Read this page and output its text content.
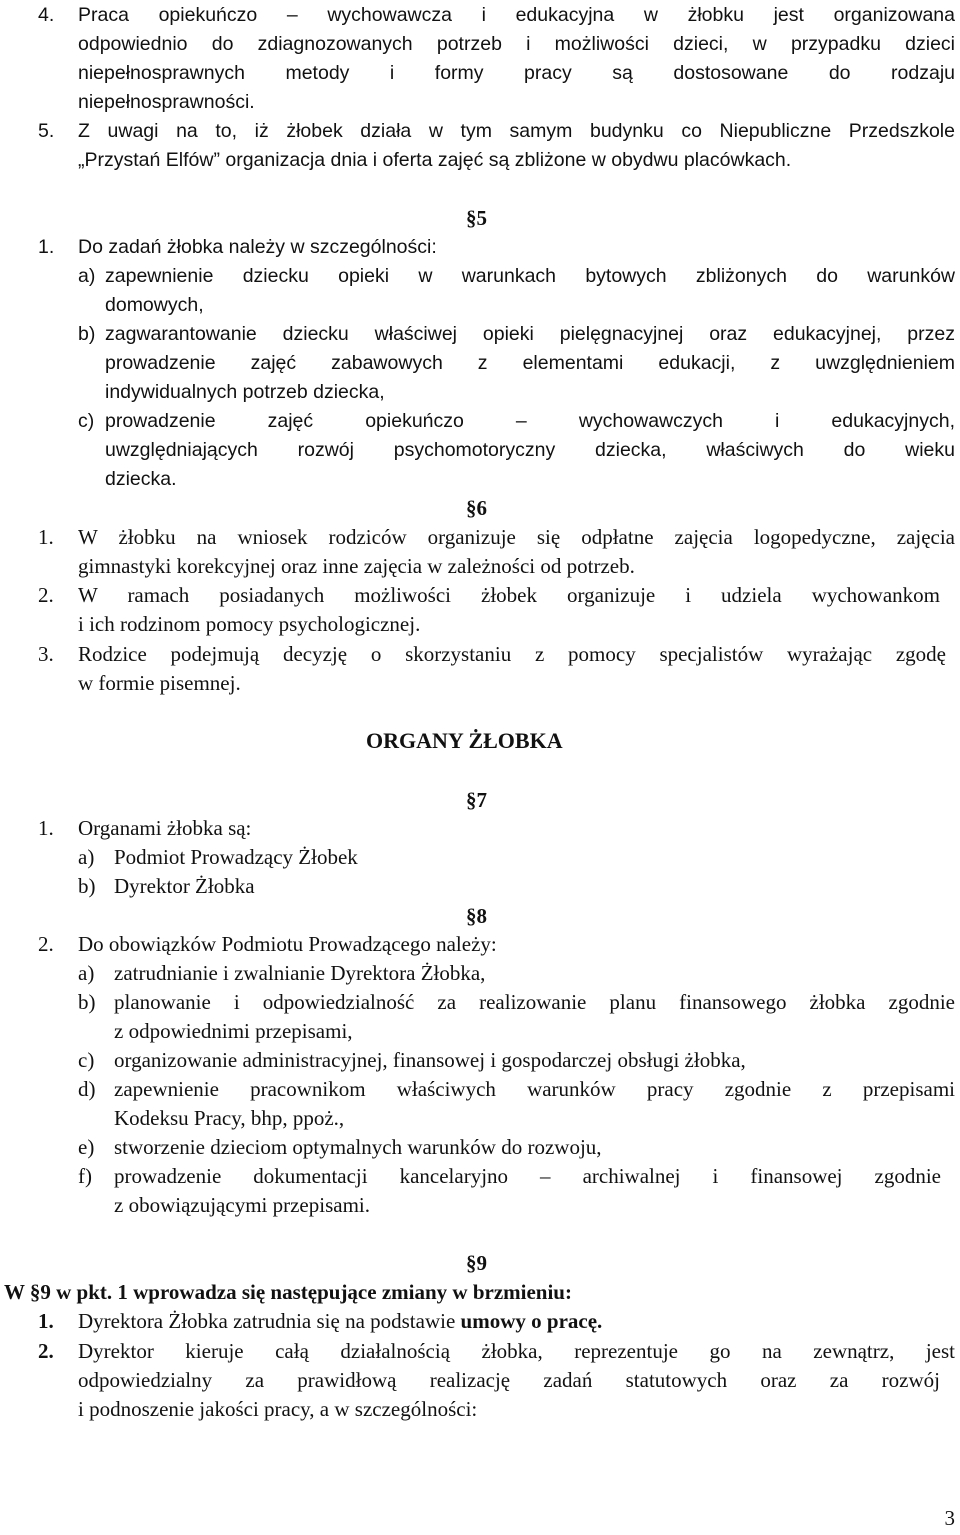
4. Praca opiekuńczo – wychowawcza i edukacyjna w żłobku jest organizowana
odpowiednio do zdiagnozowanych potrzeb i możliwości dzieci, w przypadku dzieci
niepełnosprawnych metody i formy pracy są dostosowane do rodzaju
niepełnosprawności.
5. Z uwagi na to, iż żłobek działa w tym samym budynku co Niepubliczne Przedszkole
„Przystań Elfów” organizacja dnia i oferta zajęć są zbliżone w obydwu placówkach.
§5
1. Do zadań żłobka należy w szczególności:
a) zapewnienie dziecku opieki w warunkach bytowych zbliżonych do warunków
domowych,
b) zagwarantowanie dziecku właściwej opieki pielęgnacyjnej oraz edukacyjnej, przez
prowadzenie zajęć zabawowych z elementami edukacji, z uwzględnieniem
indywidualnych potrzeb dziecka,
c) prowadzenie zajęć opiekuńczo – wychowawczych i edukacyjnych,
uwzględniających rozwój psychomotoryczny dziecka, właściwych do wieku
dziecka.
§6
1. W żłobku na wniosek rodziców organizuje się odpłatne zajęcia logopedyczne, zajęcia
gimnastyki korekcyjnej oraz inne zajęcia w zależności od potrzeb.
2. W ramach posiadanych możliwości żłobek organizuje i udziela wychowankom
i ich rodzinom pomocy psychologicznej.
3. Rodzice podejmują decyzję o skorzystaniu z pomocy specjalistów wyrażając zgodę
w formie pisemnej.
ORGANY ŻŁOBKA
§7
1. Organami żłobka są:
a) Podmiot Prowadzący Żłobek
b) Dyrektor Żłobka
§8
2. Do obowiązków Podmiotu Prowadzącego należy:
a) zatrudnianie i zwalnianie Dyrektora Żłobka,
b) planowanie i odpowiedzialność za realizowanie planu finansowego żłobka zgodnie
z odpowiednimi przepisami,
c) organizowanie administracyjnej, finansowej i gospodarczej obsługi żłobka,
d) zapewnienie pracownikom właściwych warunków pracy zgodnie z przepisami
Kodeksu Pracy, bhp, ppoż.,
e) stworzenie dzieciom optymalnych warunków do rozwoju,
f) prowadzenie dokumentacji kancelaryjno – archiwalnej i finansowej zgodnie
z obowiązującymi przepisami.
§9
W §9 w pkt. 1 wprowadza się następujące zmiany w brzmieniu:
1. Dyrektora Żłobka zatrudnia się na podstawie umowy o pracę.
2. Dyrektor kieruje całą działalnością żłobka, reprezentuje go na zewnątrz, jest
odpowiedzialny za prawidłową realizację zadań statutowych oraz za rozwój
i podnoszenie jakości pracy, a w szczególności:
3
